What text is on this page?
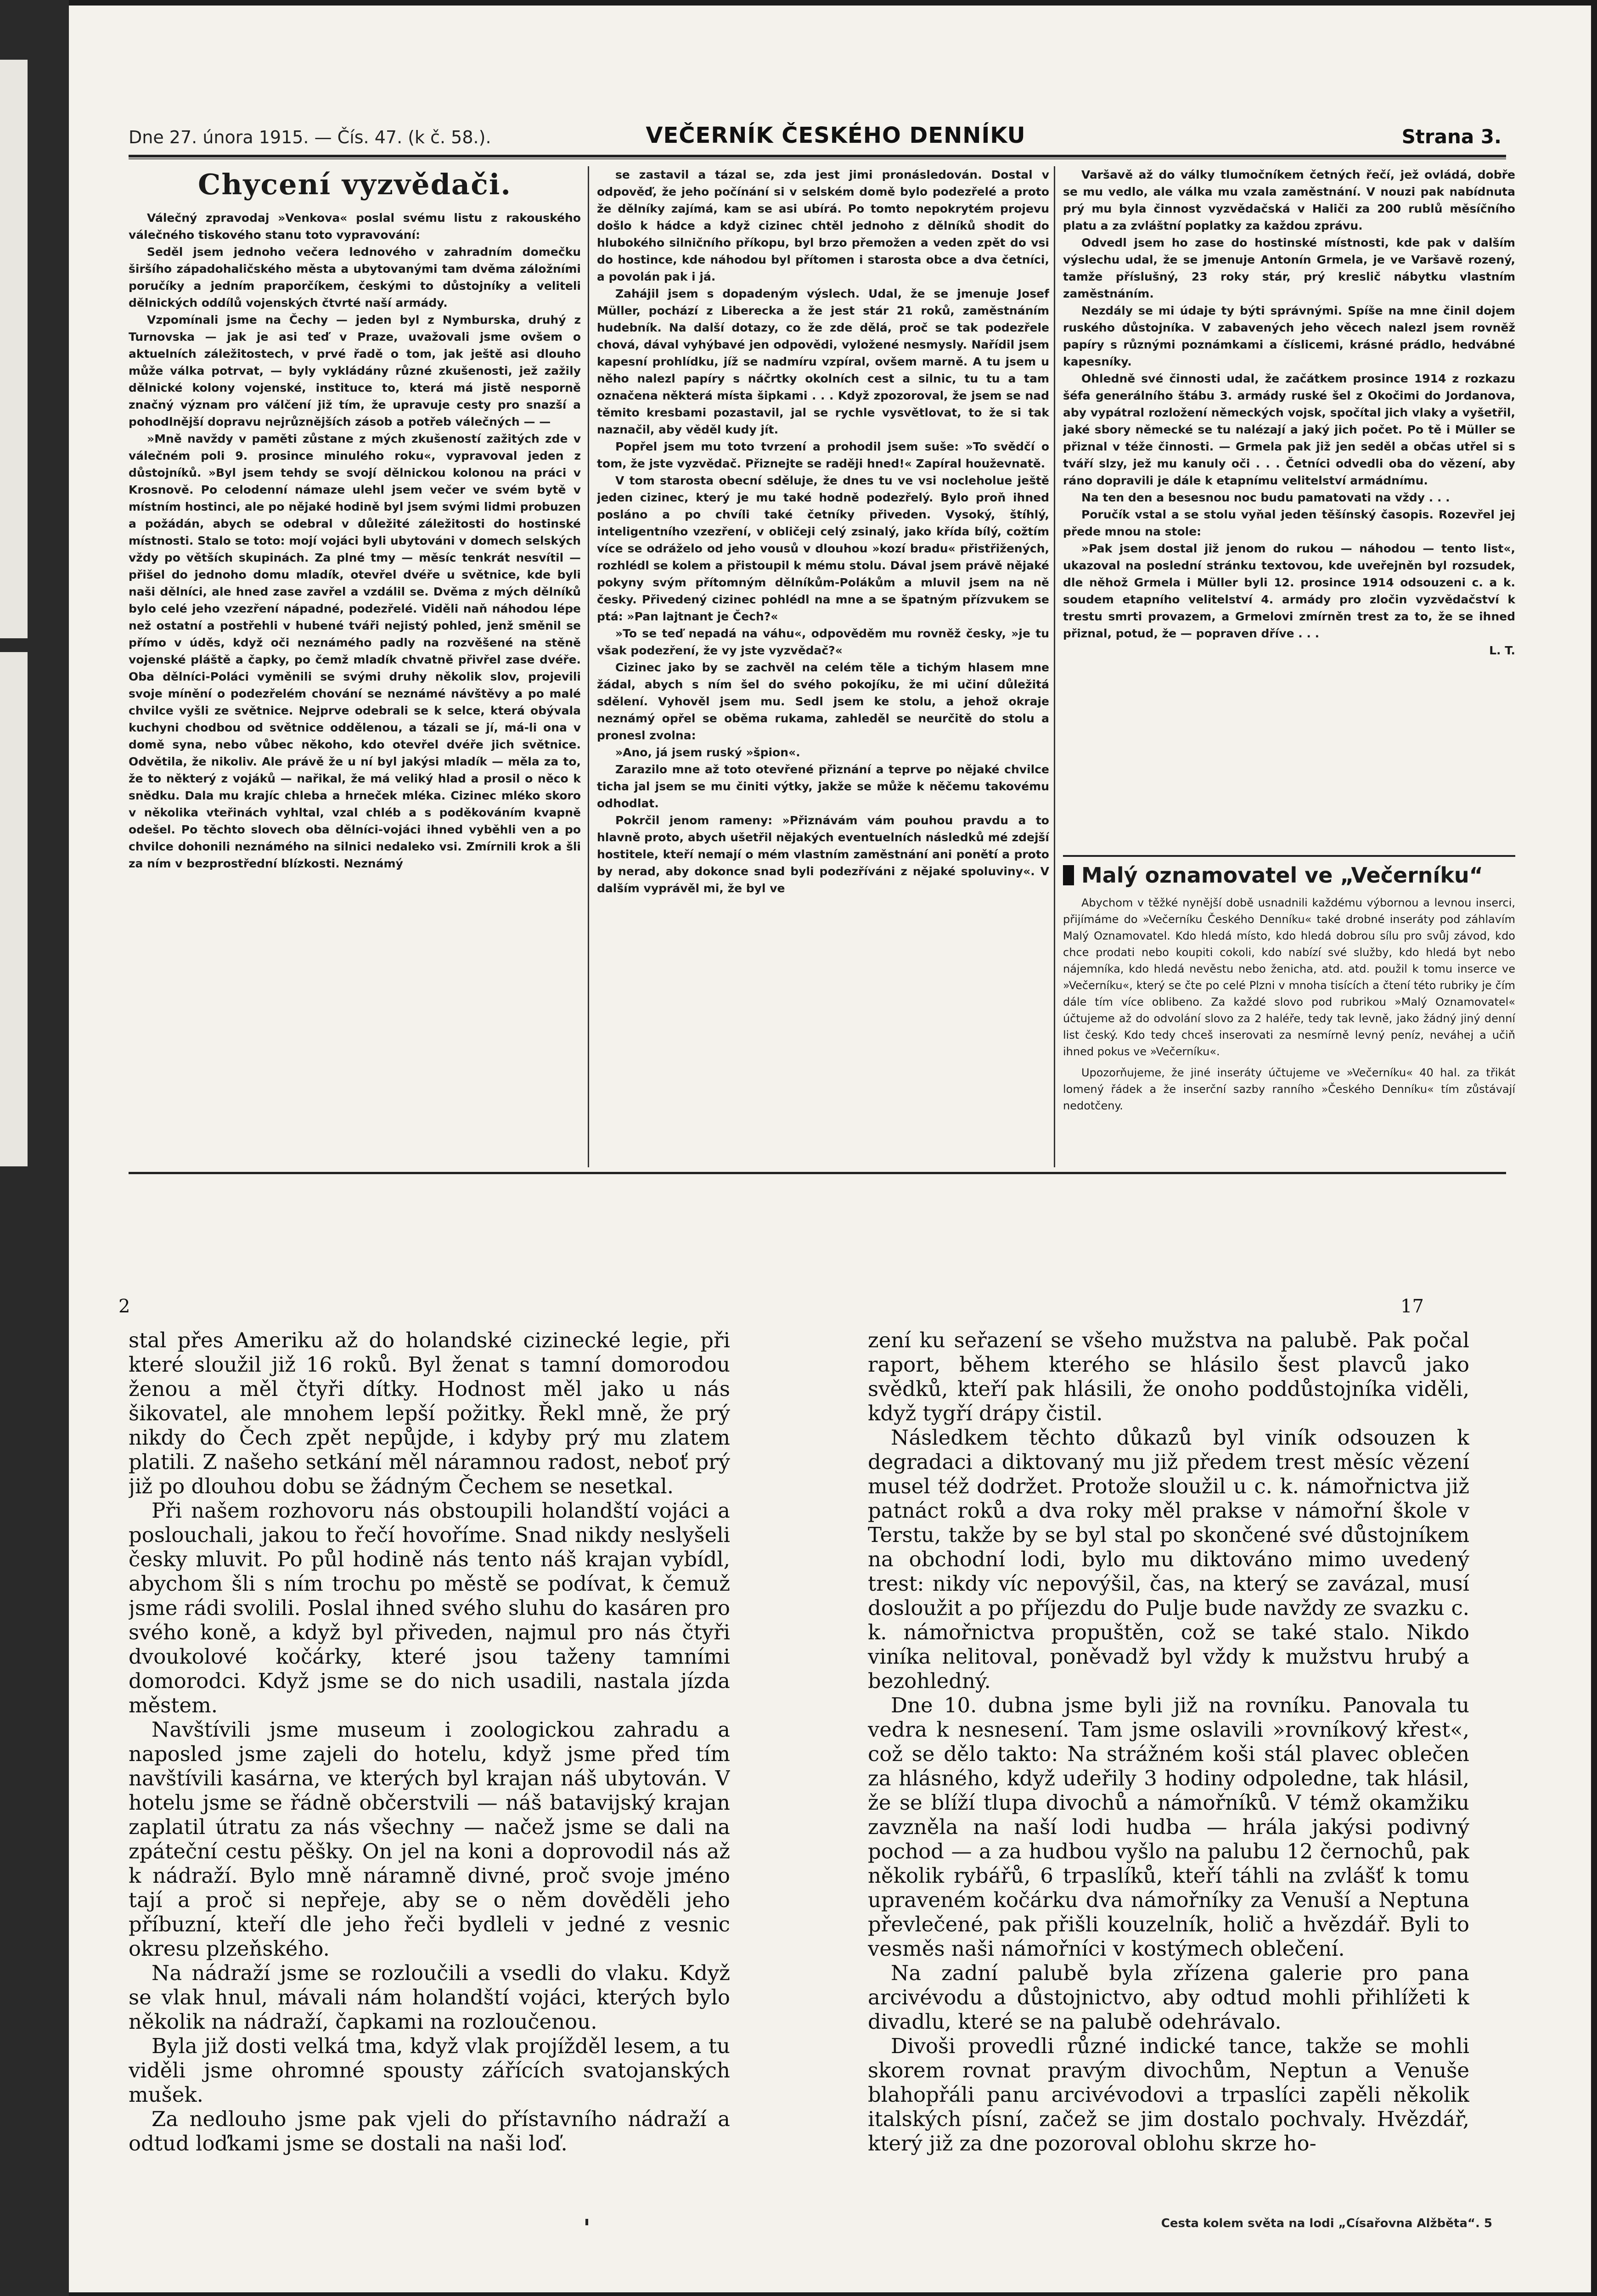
Dne 27. února 1915. — Čís. 47. (k č. 58.).	VEČERNÍK ČESKÉHO DENNÍKU	Strana 3.
Chycení vyzvědači.

Válečný zpravodaj »Venkova« poslal svému listu z rakouského válečného tiskového stanu toto vypravování:

Seděl jsem jednoho večera lednového v zahradním domečku širšího západohaličského města a ubytovanými tam dvěma záložními poručíky a jedním praporčíkem, českými to důstojníky a veliteli dělnických oddílů vojenských čtvrté naší armády.

Vzpomínali jsme na Čechy — jeden byl z Nymburska, druhý z Turnovska — jak je asi teď v Praze, uvažovali jsme ovšem o aktuelních záležitostech, v prvé řadě o tom, jak ještě asi dlouho může válka potrvat, — byly vykládány různé zkušenosti, jež zažily dělnické kolony vojenské, instituce to, která má jistě nesporně značný význam pro válčení již tím, že upravuje cesty pro snazší a pohodlnější dopravu nejrůznějších zásob a potřeb válečných — —

»Mně navždy v paměti zůstane z mých zkušeností zažitých zde v válečném poli 9. prosince minulého roku«, vypravoval jeden z důstojníků. »Byl jsem tehdy se svojí dělnickou kolonou na práci v Krosnově. Po celodenní námaze ulehl jsem večer ve svém bytě v místním hostinci, ale po nějaké hodině byl jsem svými lidmi probuzen a požádán, abych se odebral v důležité záležitosti do hostinské místnosti. Stalo se toto: mojí vojáci byli ubytováni v domech selských vždy po větších skupinách. Za plné tmy — měsíc tenkrát nesvítil — přišel do jednoho domu mladík, otevřel dvéře u světnice, kde byli naši dělníci, ale hned zase zavřel a vzdálil se. Dvěma z mých dělníků bylo celé jeho vzezření nápadné, podezřelé. Viděli naň náhodou lépe než ostatní a postřehli v hubené tváři nejistý pohled, jenž směnil se přímo v úděs, když oči neznámého padly na rozvěšené na stěně vojenské pláště a čapky, po čemž mladík chvatně přivřel zase dvéře. Oba dělníci-Poláci vyměnili se svými druhy několik slov, projevili svoje mínění o podezřelém chování se neznámé návštěvy a po malé chvilce vyšli ze světnice. Nejprve odebrali se k selce, která obývala kuchyni chodbou od světnice oddělenou, a tázali se jí, má-li ona v domě syna, nebo vůbec někoho, kdo otevřel dvéře jich světnice. Odvětila, že nikoliv. Ale právě že u ní byl jakýsi mladík — měla za to, že to některý z vojáků — nařikal, že má veliký hlad a prosil o něco k snědku. Dala mu krajíc chleba a hrneček mléka. Cizinec mléko skoro v několika vteřinách vyhltal, vzal chléb a s poděkováním kvapně odešel. Po těchto slovech oba dělníci-vojáci ihned vyběhli ven a po chvilce dohonili neznámého na silnici nedaleko vsi. Zmírnili krok a šli za ním v bezprostřední blízkosti. Neznámý

se zastavil a tázal se, zda jest jimi pronásledován. Dostal v odpověď, že jeho počínání si v selském domě bylo podezřelé a proto že dělníky zajímá, kam se asi ubírá. Po tomto nepokrytém projevu došlo k hádce a když cizinec chtěl jednoho z dělníků shodit do hlubokého silničního příkopu, byl brzo přemožen a veden zpět do vsi do hostince, kde náhodou byl přítomen i starosta obce a dva četníci, a povolán pak i já.

Zahájil jsem s dopadeným výslech. Udal, že se jmenuje Josef Müller, pochází z Liberecka a že jest stár 21 roků, zaměstnáním hudebník. Na další dotazy, co že zde dělá, proč se tak podezřele chová, dával vyhýbavé jen odpovědi, vyložené nesmysly. Nařídil jsem kapesní prohlídku, jíž se nadmíru vzpíral, ovšem marně. A tu jsem u něho nalezl papíry s náčrtky okolních cest a silnic, tu tu a tam označena některá místa šipkami . . . Když zpozoroval, že jsem se nad těmito kresbami pozastavil, jal se rychle vysvětlovat, to že si tak naznačil, aby věděl kudy jít.

Popřel jsem mu toto tvrzení a prohodil jsem suše: »To svědčí o tom, že jste vyzvědač. Přiznejte se raději hned!« Zapíral houževnatě.

V tom starosta obecní sděluje, že dnes tu ve vsi nocleholue ještě jeden cizinec, který je mu také hodně podezřelý. Bylo proň ihned posláno a po chvíli také četníky přiveden. Vysoký, štíhlý, inteligentního vzezření, v obličeji celý zsinalý, jako křída bílý, cožtím více se odráželo od jeho vousů v dlouhou »kozí bradu« přistřižených, rozhlédl se kolem a přistoupil k mému stolu. Dával jsem právě nějaké pokyny svým přítomným dělníkům-Polákům a mluvil jsem na ně česky. Přivedený cizinec pohlédl na mne a se špatným přízvukem se ptá: »Pan lajtnant je Čech?«

»To se teď nepadá na váhu«, odpověděm mu rovněž česky, »je tu však podezření, že vy jste vyzvědač?«

Cizinec jako by se zachvěl na celém těle a tichým hlasem mne žádal, abych s ním šel do svého pokojíku, že mi učiní důležitá sdělení. Vyhověl jsem mu. Sedl jsem ke stolu, a jehož okraje neznámý opřel se oběma rukama, zahleděl se neurčitě do stolu a pronesl zvolna:

»Ano, já jsem ruský »špion«.

Zarazilo mne až toto otevřené přiznání a teprve po nějaké chvilce ticha jal jsem se mu činiti výtky, jakže se může k něčemu takovému odhodlat.

Pokrčil jenom rameny: »Přiznávám vám pouhou pravdu a to hlavně proto, abych ušetřil nějakých eventuelních následků mé zdejší hostitele, kteří nemají o mém vlastním zaměstnání ani ponětí a proto by nerad, aby dokonce snad byli podezříváni z nějaké spoluviny«. V dalším vyprávěl mi, že byl ve

Varšavě až do války tlumočníkem četných řečí, jež ovládá, dobře se mu vedlo, ale válka mu vzala zaměstnání. V nouzi pak nabídnuta prý mu byla činnost vyzvědačská v Haliči za 200 rublů měsíčního platu a za zvláštní poplatky za každou zprávu.

Odvedl jsem ho zase do hostinské místnosti, kde pak v dalším výslechu udal, že se jmenuje Antonín Grmela, je ve Varšavě rozený, tamže příslušný, 23 roky stár, prý kreslič nábytku vlastním zaměstnáním.

Nezdály se mi údaje ty býti správnými. Spíše na mne činil dojem ruského důstojníka. V zabavených jeho věcech nalezl jsem rovněž papíry s různými poznámkami a číslicemi, krásné prádlo, hedvábné kapesníky.

Ohledně své činnosti udal, že začátkem prosince 1914 z rozkazu šéfa generálního štábu 3. armády ruské šel z Okočimi do Jordanova, aby vypátral rozložení německých vojsk, spočítal jich vlaky a vyšetřil, jaké sbory německé se tu nalézají a jaký jich počet. Po tě i Müller se přiznal v téže činnosti. — Grmela pak již jen seděl a občas utřel si s tváří slzy, jež mu kanuly oči . . . Četníci odvedli oba do vězení, aby ráno dopravili je dále k etapnímu velitelství armádnímu.

Na ten den a besesnou noc budu pamatovati na vždy . . .

Poručík vstal a se stolu vyňal jeden těšínský časopis. Rozevřel jej přede mnou na stole:

»Pak jsem dostal již jenom do rukou — náhodou — tento list«, ukazoval na poslední stránku textovou, kde uveřejněn byl rozsudek, dle něhož Grmela i Müller byli 12. prosince 1914 odsouzeni c. a k. soudem etapního velitelství 4. armády pro zločin vyzvědačství k trestu smrti provazem, a Grmelovi zmírněn trest za to, že se ihned přiznal, potud, že — popraven dříve . . .

L. T.

Malý oznamovatel ve „Večerníku“

Abychom v těžké nynější době usnadnili každému výbornou a levnou inserci, přijímáme do »Večerníku Českého Denníku« také drobné inseráty pod záhlavím Malý Oznamovatel. Kdo hledá místo, kdo hledá dobrou sílu pro svůj závod, kdo chce prodati nebo koupiti cokoli, kdo nabízí své služby, kdo hledá byt nebo nájemníka, kdo hledá nevěstu nebo ženicha, atd. atd. použil k tomu inserce ve »Večerníku«, který se čte po celé Plzni v mnoha tisících a čtení této rubriky je čím dále tím více oblibeno. Za každé slovo pod rubrikou »Malý Oznamovatel« účtujeme až do odvolání slovo za 2 haléře, tedy tak levně, jako žádný jiný denní list český. Kdo tedy chceš inserovati za nesmírně levný peníz, neváhej a učiň ihned pokus ve »Večerníku«.

Upozorňujeme, že jiné inseráty účtujeme ve »Večerníku« 40 hal. za třikát lomený řádek a že inserční sazby ranního »Českého Denníku« tím zůstávají nedotčeny.

2	17

stal přes Ameriku až do holandské cizinecké legie, při které sloužil již 16 roků. Byl ženat s tamní domorodou ženou a měl čtyři dítky. Hodnost měl jako u nás šikovatel, ale mnohem lepší požitky. Řekl mně, že prý nikdy do Čech zpět nepůjde, i kdyby prý mu zlatem platili. Z našeho setkání měl náramnou radost, neboť prý již po dlouhou dobu se žádným Čechem se nesetkal.

Při našem rozhovoru nás obstoupili holandští vojáci a poslouchali, jakou to řečí hovoříme. Snad nikdy neslyšeli česky mluvit. Po půl hodině nás tento náš krajan vybídl, abychom šli s ním trochu po městě se podívat, k čemuž jsme rádi svolili. Poslal ihned svého sluhu do kasáren pro svého koně, a když byl přiveden, najmul pro nás čtyři dvoukolové kočárky, které jsou taženy tamními domorodci. Když jsme se do nich usadili, nastala jízda městem.

Navštívili jsme museum i zoologickou zahradu a naposled jsme zajeli do hotelu, když jsme před tím navštívili kasárna, ve kterých byl krajan náš ubytován. V hotelu jsme se řádně občerstvili — náš batavijský krajan zaplatil útratu za nás všechny — načež jsme se dali na zpáteční cestu pěšky. On jel na koni a doprovodil nás až k nádraží. Bylo mně náramně divné, proč svoje jméno tají a proč si nepřeje, aby se o něm dověděli jeho příbuzní, kteří dle jeho řeči bydleli v jedné z vesnic okresu plzeňského.

Na nádraží jsme se rozloučili a vsedli do vlaku. Když se vlak hnul, mávali nám holandští vojáci, kterých bylo několik na nádraží, čapkami na rozloučenou.

Byla již dosti velká tma, když vlak projížděl lesem, a tu viděli jsme ohromné spousty zářících svatojanských mušek.

Za nedlouho jsme pak vjeli do přístavního nádraží a odtud loďkami jsme se dostali na naši loď.

zení ku seřazení se všeho mužstva na palubě. Pak počal raport, během kterého se hlásilo šest plavců jako svědků, kteří pak hlásili, že onoho poddůstojníka viděli, když tygří drápy čistil.

Následkem těchto důkazů byl viník odsouzen k degradaci a diktovaný mu již předem trest měsíc vězení musel též dodržet. Protože sloužil u c. k. námořnictva již patnáct roků a dva roky měl prakse v námořní škole v Terstu, takže by se byl stal po skončené své důstojníkem na obchodní lodi, bylo mu diktováno mimo uvedený trest: nikdy víc nepovýšil, čas, na který se zavázal, musí dosloužit a po příjezdu do Pulje bude navždy ze svazku c. k. námořnictva propuštěn, což se také stalo. Nikdo viníka nelitoval, poněvadž byl vždy k mužstvu hrubý a bezohledný.

Dne 10. dubna jsme byli již na rovníku. Panovala tu vedra k nesnesení. Tam jsme oslavili »rovníkový křest«, což se dělo takto: Na strážném koši stál plavec oblečen za hlásného, když udeřily 3 hodiny odpoledne, tak hlásil, že se blíží tlupa divochů a námořníků. V témž okamžiku zavzněla na naší lodi hudba — hrála jakýsi podivný pochod — a za hudbou vyšlo na palubu 12 černochů, pak několik rybářů, 6 trpaslíků, kteří táhli na zvlášť k tomu upraveném kočárku dva námořníky za Venuší a Neptuna převlečené, pak přišli kouzelník, holič a hvězdář. Byli to vesměs naši námořníci v kostýmech oblečení.

Na zadní palubě byla zřízena galerie pro pana arcivévodu a důstojnictvo, aby odtud mohli přihlížeti k divadlu, které se na palubě odehrávalo.

Divoši provedli různé indické tance, takže se mohli skorem rovnat pravým divochům, Neptun a Venuše blahopřáli panu arcivévodovi a trpaslíci zapěli několik italských písní, začež se jim dostalo pochvaly. Hvězdář, který již za dne pozoroval oblohu skrze ho-

Cesta kolem světa na lodi „Císařovna Alžběta“. 5
